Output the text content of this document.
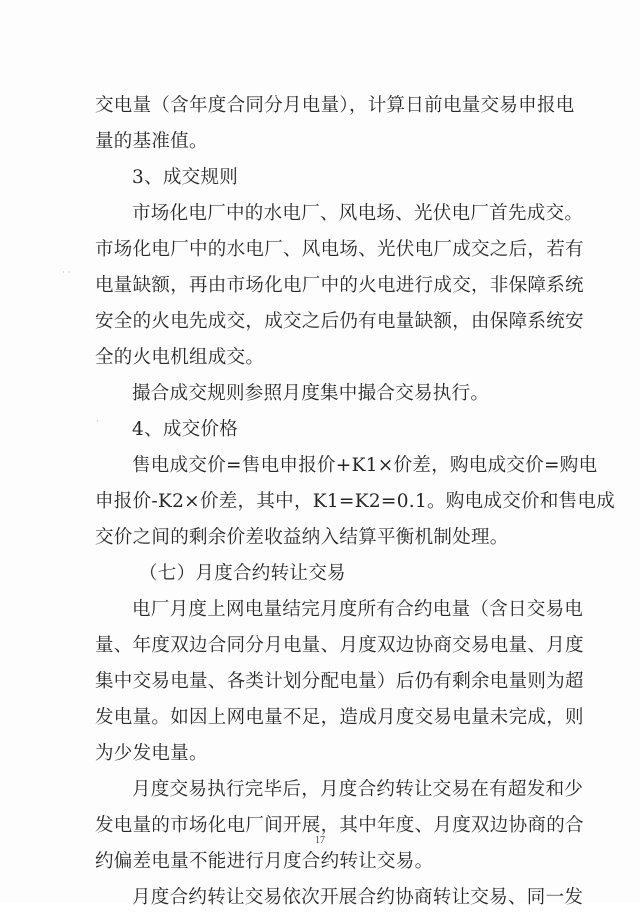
· ·
·
交电量（含年度合同分月电量），计算日前电量交易申报电
量的基准值。
3、成交规则
市场化电厂中的水电厂、风电场、光伏电厂首先成交。
市场化电厂中的水电厂、风电场、光伏电厂成交之后，若有
电量缺额，再由市场化电厂中的火电进行成交，非保障系统
安全的火电先成交，成交之后仍有电量缺额，由保障系统安
全的火电机组成交。
撮合成交规则参照月度集中撮合交易执行。
4、成交价格
售电成交价=售电申报价+K1×价差，购电成交价=购电
申报价-K2×价差，其中，K1=K2=0.1。购电成交价和售电成
交价之间的剩余价差收益纳入结算平衡机制处理。
（七）月度合约转让交易
电厂月度上网电量结完月度所有合约电量（含日交易电
量、年度双边合同分月电量、月度双边协商交易电量、月度
集中交易电量、各类计划分配电量）后仍有剩余电量则为超
发电量。如因上网电量不足，造成月度交易电量未完成，则
为少发电量。
月度交易执行完毕后，月度合约转让交易在有超发和少
发电量的市场化电厂间开展，其中年度、月度双边协商的合
约偏差电量不能进行月度合约转让交易。
月度合约转让交易依次开展合约协商转让交易、同一发
17
